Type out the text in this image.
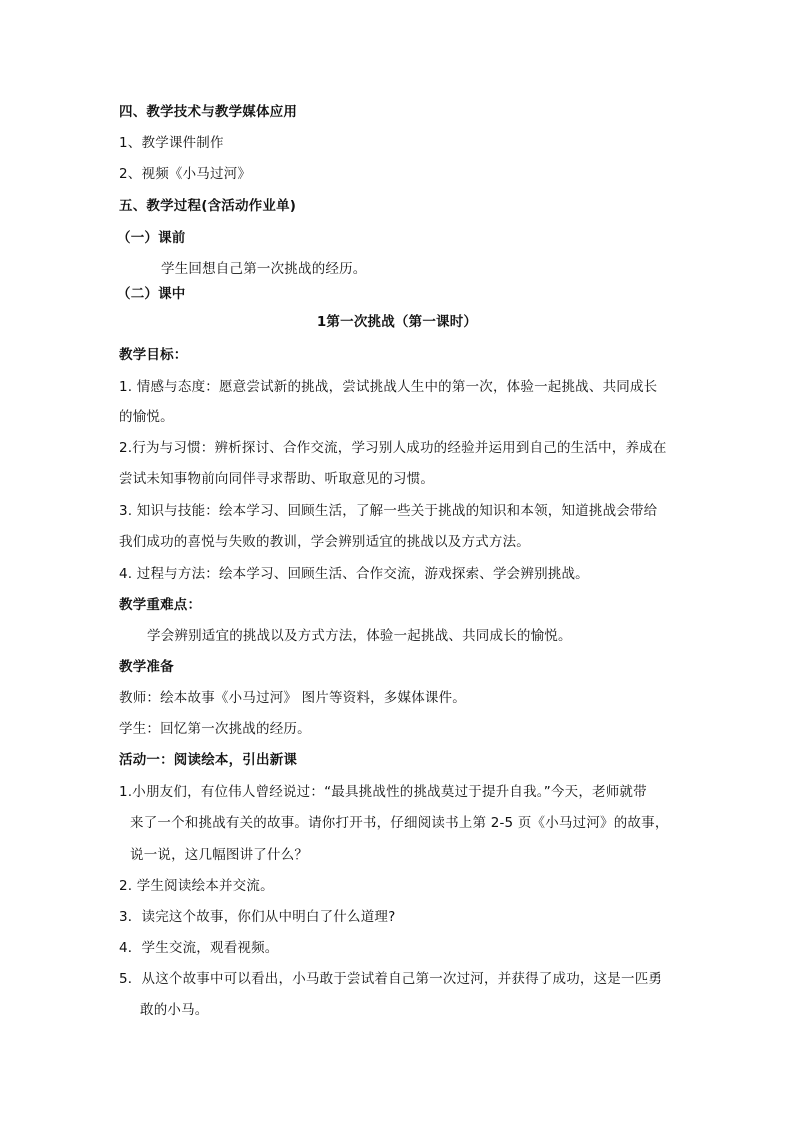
四、教学技术与教学媒体应用
1、教学课件制作
2、视频《小马过河》
五、教学过程(含活动作业单)
（一）课前
学生回想自己第一次挑战的经历。
（二）课中
1第一次挑战（第一课时）
教学目标：
1. 情感与态度：愿意尝试新的挑战，尝试挑战人生中的第一次，体验一起挑战、共同成长
的愉悦。
2.行为与习惯：辨析探讨、合作交流，学习别人成功的经验并运用到自己的生活中，养成在
尝试未知事物前向同伴寻求帮助、听取意见的习惯。
3. 知识与技能：绘本学习、回顾生活，了解一些关于挑战的知识和本领，知道挑战会带给
我们成功的喜悦与失败的教训，学会辨别适宜的挑战以及方式方法。
4. 过程与方法：绘本学习、回顾生活、合作交流，游戏探索、学会辨别挑战。
教学重难点：
学会辨别适宜的挑战以及方式方法，体验一起挑战、共同成长的愉悦。
教学准备
教师：绘本故事《小马过河》 图片等资料，多媒体课件。
学生：回忆第一次挑战的经历。
活动一：阅读绘本，引出新课
1.小朋友们，有位伟人曾经说过：“最具挑战性的挑战莫过于提升自我。”今天，老师就带
来了一个和挑战有关的故事。请你打开书，仔细阅读书上第 2-5 页《小马过河》的故事，
说一说，这几幅图讲了什么？
2. 学生阅读绘本并交流。
3．读完这个故事，你们从中明白了什么道理?
4．学生交流，观看视频。
5．从这个故事中可以看出，小马敢于尝试着自己第一次过河，并获得了成功，这是一匹勇
敢的小马。
